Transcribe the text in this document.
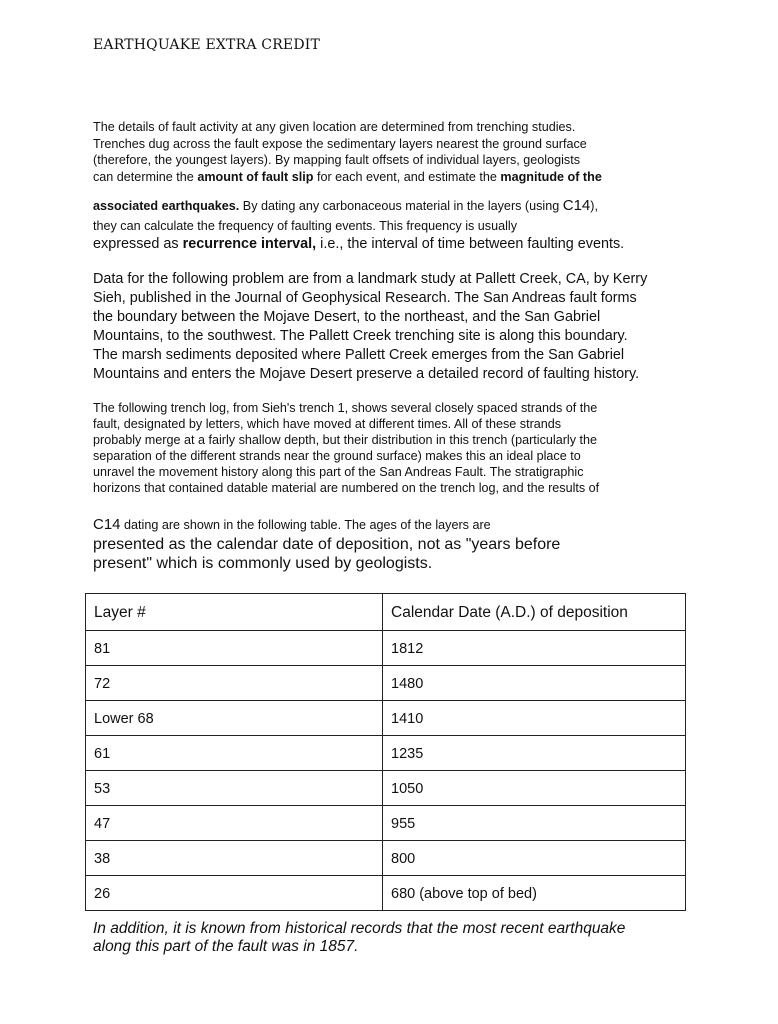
EARTHQUAKE EXTRA CREDIT
The details of fault activity at any given location are determined from trenching studies.
Trenches dug across the fault expose the sedimentary layers nearest the ground surface
(therefore, the youngest layers). By mapping fault offsets of individual layers, geologists
can determine the amount of fault slip for each event, and estimate the magnitude of the
associated earthquakes. By dating any carbonaceous material in the layers (using C14),
they can calculate the frequency of faulting events. This frequency is usually
expressed as recurrence interval, i.e., the interval of time between faulting events.
Data for the following problem are from a landmark study at Pallett Creek, CA, by Kerry
Sieh, published in the Journal of Geophysical Research. The San Andreas fault forms
the boundary between the Mojave Desert, to the northeast, and the San Gabriel
Mountains, to the southwest. The Pallett Creek trenching site is along this boundary.
The marsh sediments deposited where Pallett Creek emerges from the San Gabriel
Mountains and enters the Mojave Desert preserve a detailed record of faulting history.
C14 dating are shown in the following table. The ages of the layers are
The following trench log, from Sieh's trench 1, shows several closely spaced strands of the
fault, designated by letters, which have moved at different times. All of these strands
probably merge at a fairly shallow depth, but their distribution in this trench (particularly the
separation of the different strands near the ground surface) makes this an ideal place to
unravel the movement history along this part of the San Andreas Fault. The stratigraphic
horizons that contained datable material are numbered on the trench log, and the results of
presented as the calendar date of deposition, not as "years before
present" which is commonly used by geologists.
Layer #	Calendar Date (A.D.) of deposition
81	1812
72	1480
Lower 68	1410
61	1235
53	1050
47	955
38	800
26	680 (above top of bed)
In addition, it is known from historical records that the most recent earthquake
along this part of the fault was in 1857.
